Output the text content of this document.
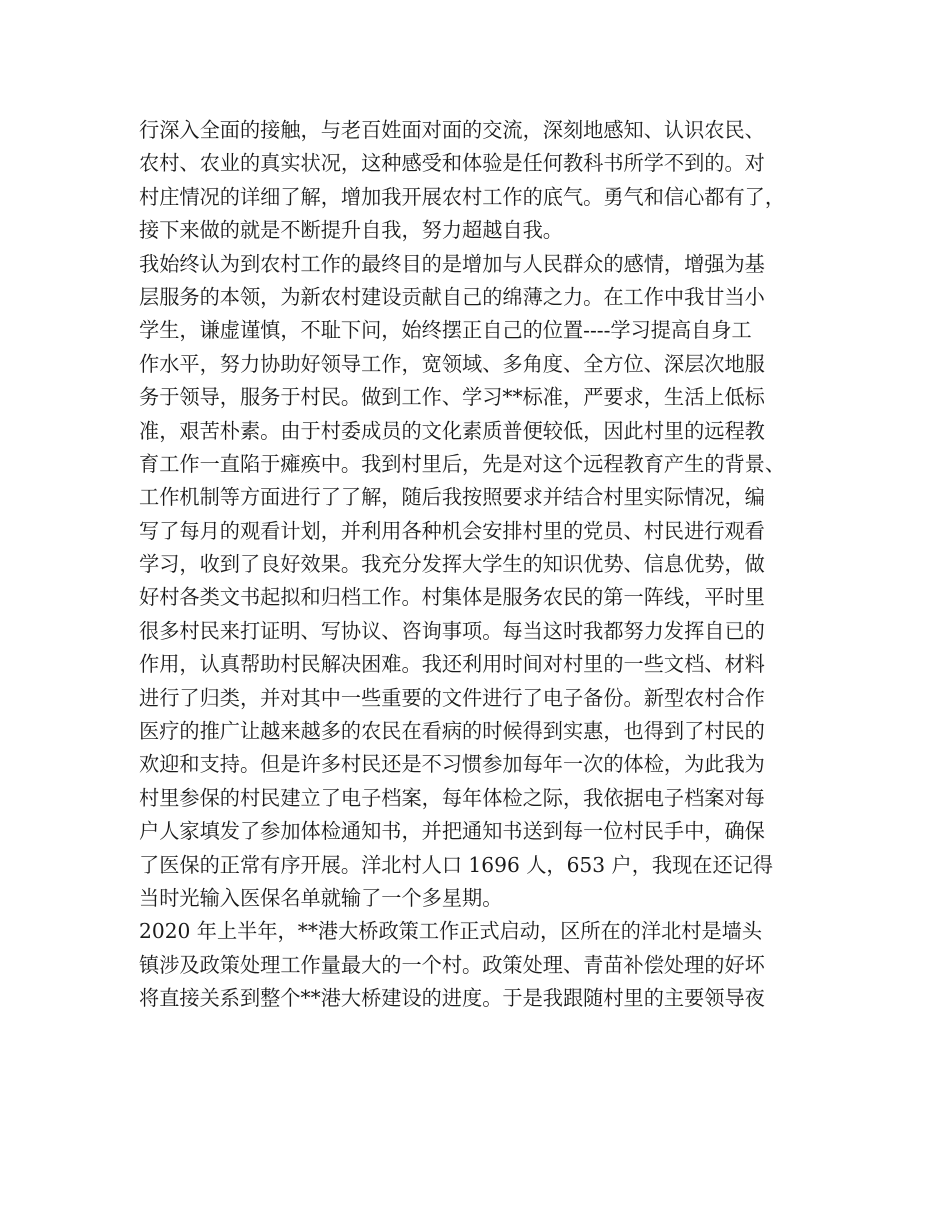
行深入全面的接触，与老百姓面对面的交流，深刻地感知、认识农民、
农村、农业的真实状况，这种感受和体验是任何教科书所学不到的。对
村庄情况的详细了解，增加我开展农村工作的底气。勇气和信心都有了，
接下来做的就是不断提升自我，努力超越自我。
我始终认为到农村工作的最终目的是增加与人民群众的感情，增强为基
层服务的本领，为新农村建设贡献自己的绵薄之力。在工作中我甘当小
学生，谦虚谨慎，不耻下问，始终摆正自己的位置----学习提高自身工
作水平，努力协助好领导工作，宽领域、多角度、全方位、深层次地服
务于领导，服务于村民。做到工作、学习**标准，严要求，生活上低标
准，艰苦朴素。由于村委成员的文化素质普便较低，因此村里的远程教
育工作一直陷于瘫痪中。我到村里后，先是对这个远程教育产生的背景、
工作机制等方面进行了了解，随后我按照要求并结合村里实际情况，编
写了每月的观看计划，并利用各种机会安排村里的党员、村民进行观看
学习，收到了良好效果。我充分发挥大学生的知识优势、信息优势，做
好村各类文书起拟和归档工作。村集体是服务农民的第一阵线，平时里
很多村民来打证明、写协议、咨询事项。每当这时我都努力发挥自已的
作用，认真帮助村民解决困难。我还利用时间对村里的一些文档、材料
进行了归类，并对其中一些重要的文件进行了电子备份。新型农村合作
医疗的推广让越来越多的农民在看病的时候得到实惠，也得到了村民的
欢迎和支持。但是许多村民还是不习惯参加每年一次的体检，为此我为
村里参保的村民建立了电子档案，每年体检之际，我依据电子档案对每
户人家填发了参加体检通知书，并把通知书送到每一位村民手中，确保
了医保的正常有序开展。洋北村人口 1696 人，653 户，我现在还记得
当时光输入医保名单就输了一个多星期。
2020 年上半年，**港大桥政策工作正式启动，区所在的洋北村是墙头
镇涉及政策处理工作量最大的一个村。政策处理、青苗补偿处理的好坏
将直接关系到整个**港大桥建设的进度。于是我跟随村里的主要领导夜
